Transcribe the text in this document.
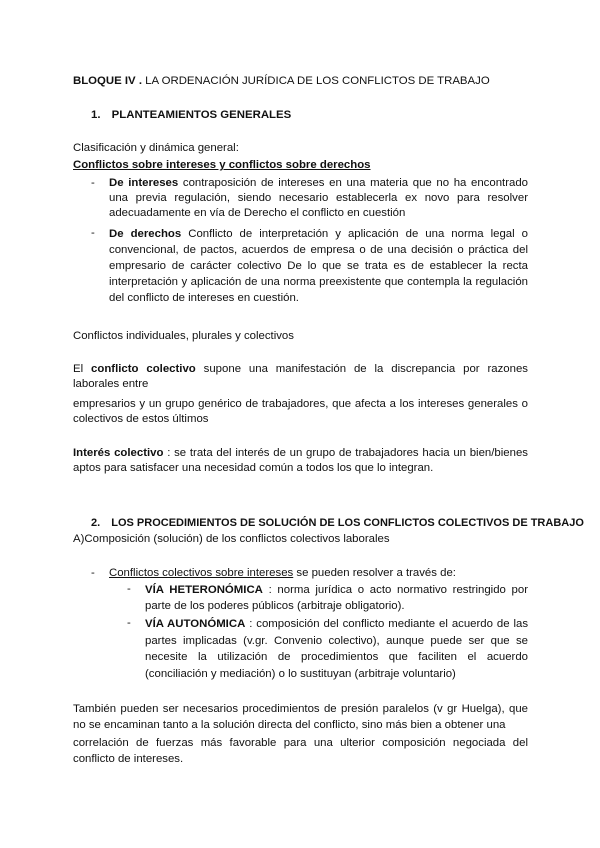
BLOQUE IV . LA ORDENACIÓN JURÍDICA DE LOS CONFLICTOS DE TRABAJO
1. PLANTEAMIENTOS GENERALES
Clasificación y dinámica general:
Conflictos sobre intereses y conflictos sobre derechos
- De intereses contraposición de intereses en una materia que no ha encontrado una previa regulación, siendo necesario establecerla ex novo para resolver adecuadamente en vía de Derecho el conflicto en cuestión
- De derechos Conflicto de interpretación y aplicación de una norma legal o convencional, de pactos, acuerdos de empresa o de una decisión o práctica del empresario de carácter colectivo De lo que se trata es de establecer la recta interpretación y aplicación de una norma preexistente que contempla la regulación del conflicto de intereses en cuestión.
Conflictos individuales, plurales y colectivos
El conflicto colectivo supone una manifestación de la discrepancia por razones laborales entre
empresarios y un grupo genérico de trabajadores, que afecta a los intereses generales o colectivos de estos últimos
Interés colectivo : se trata del interés de un grupo de trabajadores hacia un bien/bienes aptos para satisfacer una necesidad común a todos los que lo integran.
2. LOS PROCEDIMIENTOS DE SOLUCIÓN DE LOS CONFLICTOS COLECTIVOS DE TRABAJO
A)Composición (solución) de los conflictos colectivos laborales
- Conflictos colectivos sobre intereses se pueden resolver a través de:
- VÍA HETERONÓMICA : norma jurídica o acto normativo restringido por parte de los poderes públicos (arbitraje obligatorio).
- VÍA AUTONÓMICA : composición del conflicto mediante el acuerdo de las partes implicadas (v.gr. Convenio colectivo), aunque puede ser que se necesite la utilización de procedimientos que faciliten el acuerdo (conciliación y mediación) o lo sustituyan (arbitraje voluntario)
También pueden ser necesarios procedimientos de presión paralelos (v gr Huelga), que no se encaminan tanto a la solución directa del conflicto, sino más bien a obtener una
correlación de fuerzas más favorable para una ulterior composición negociada del conflicto de intereses.
